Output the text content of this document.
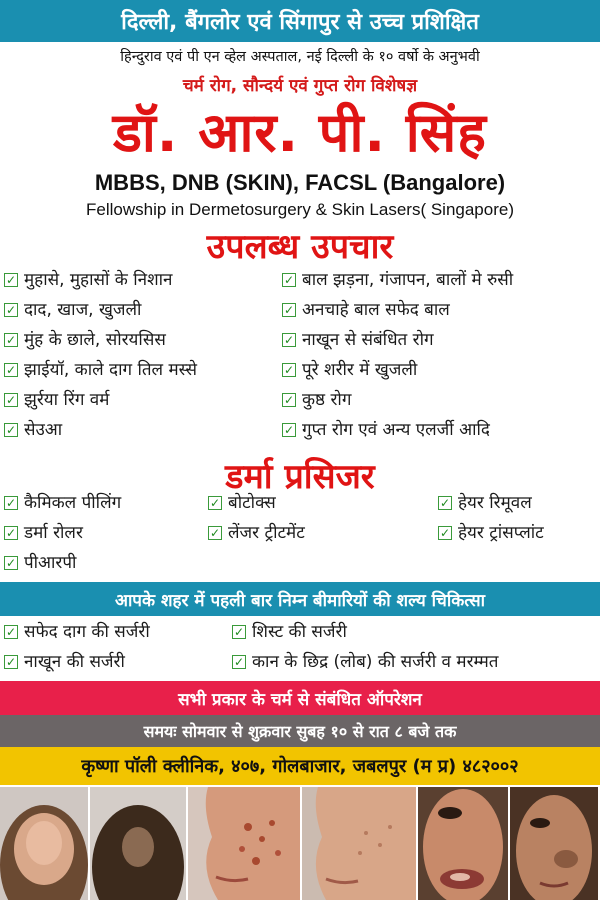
दिल्ली, बैंगलोर एवं सिंगापुर से उच्च प्रशिक्षित
हिन्दुराव एवं पी एन व्हेल अस्पताल, नई दिल्ली के १० वर्षो के अनुभवी
चर्म रोग, सौन्दर्य एवं गुप्त रोग विशेषज्ञ
डॉ. आर. पी. सिंह
MBBS, DNB (SKIN), FACSL (Bangalore)
Fellowship in Dermetosurgery & Skin Lasers( Singapore)
उपलब्ध उपचार
✓ मुहासे, मुहासों के निशान
✓ दाद, खाज, खुजली
✓ मुंह के छाले, सोरयसिस
✓ झाईयॉ, काले दाग तिल मस्से
✓ झुर्रया रिंग वर्म
✓ सेउआ
✓ बाल झड़ना, गंजापन, बालों मे रुसी
✓ अनचाहे बाल सफेद बाल
✓ नाखून से संबंधित रोग
✓ पूरे शरीर में खुजली
✓ कुष्ठ रोग
✓ गुप्त रोग एवं अन्य एलर्जी आदि
डर्मा प्रसिजर
✓ कैमिकल पीलिंग
✓ डर्मा रोलर
✓ पीआरपी
✓ बोटोक्स
✓ लेंजर ट्रीटमेंट
✓ हेयर रिमूवल
✓ हेयर ट्रांसप्लांट
आपके शहर में पहली बार निम्न बीमारियों की शल्य चिकित्सा
✓ सफेद दाग की सर्जरी
✓ नाखून की सर्जरी
✓ शिस्ट की सर्जरी
✓ कान के छिद्र (लोब) की सर्जरी व मरम्मत
सभी प्रकार के चर्म से संबंधित ऑपरेशन
समयः सोमवार से शुक्रवार सुबह १० से रात ८ बजे तक
कृष्णा पॉली क्लीनिक, ४०७, गोलबाजार, जबलपुर (म प्र) ४८२००२
